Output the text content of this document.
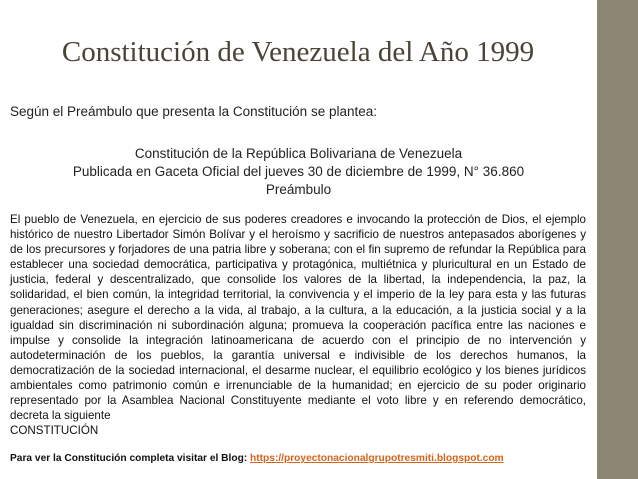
Constitución de Venezuela del Año 1999
Según el Preámbulo que presenta la Constitución se plantea:
Constitución de la República Bolivariana de Venezuela
Publicada en Gaceta Oficial del jueves 30 de diciembre de 1999, N° 36.860
Preámbulo
El pueblo de Venezuela, en ejercicio de sus poderes creadores e invocando la protección de Dios, el ejemplo histórico de nuestro Libertador Simón Bolívar y el heroísmo y sacrificio de nuestros antepasados aborígenes y de los precursores y forjadores de una patria libre y soberana; con el fin supremo de refundar la República para establecer una sociedad democrática, participativa y protagónica, multiétnica y pluricultural en un Estado de justicia, federal y descentralizado, que consolide los valores de la libertad, la independencia, la paz, la solidaridad, el bien común, la integridad territorial, la convivencia y el imperio de la ley para esta y las futuras generaciones; asegure el derecho a la vida, al trabajo, a la cultura, a la educación, a la justicia social y a la igualdad sin discriminación ni subordinación alguna; promueva la cooperación pacífica entre las naciones e impulse y consolide la integración latinoamericana de acuerdo con el principio de no intervención y autodeterminación de los pueblos, la garantía universal e indivisible de los derechos humanos, la democratización de la sociedad internacional, el desarme nuclear, el equilibrio ecológico y los bienes jurídicos ambientales como patrimonio común e irrenunciable de la humanidad; en ejercicio de su poder originario representado por la Asamblea Nacional Constituyente mediante el voto libre y en referendo democrático, decreta la siguiente
CONSTITUCIÓN
Para ver la Constitución completa visitar el Blog: https://proyectonacionalgrupotresmiti.blogspot.com
